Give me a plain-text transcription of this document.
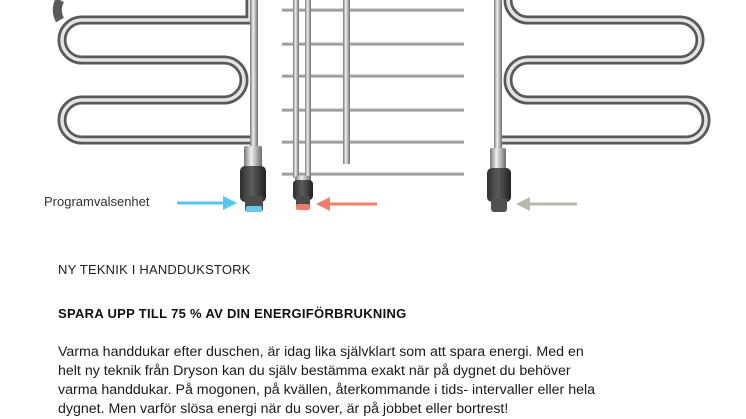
Programvalsenhet

NY TEKNIK I HANDDUKSTORK

SPARA UPP TILL 75 % AV DIN ENERGIFÖRBRUKNING

Varma handdukar efter duschen, är idag lika självklart som att spara energi. Med en
helt ny teknik från Dryson kan du själv bestämma exakt när på dygnet du behöver
varma handdukar. På mogonen, på kvällen, återkommande i tids- intervaller eller hela
dygnet. Men varför slösa energi när du sover, är på jobbet eller bortrest!
